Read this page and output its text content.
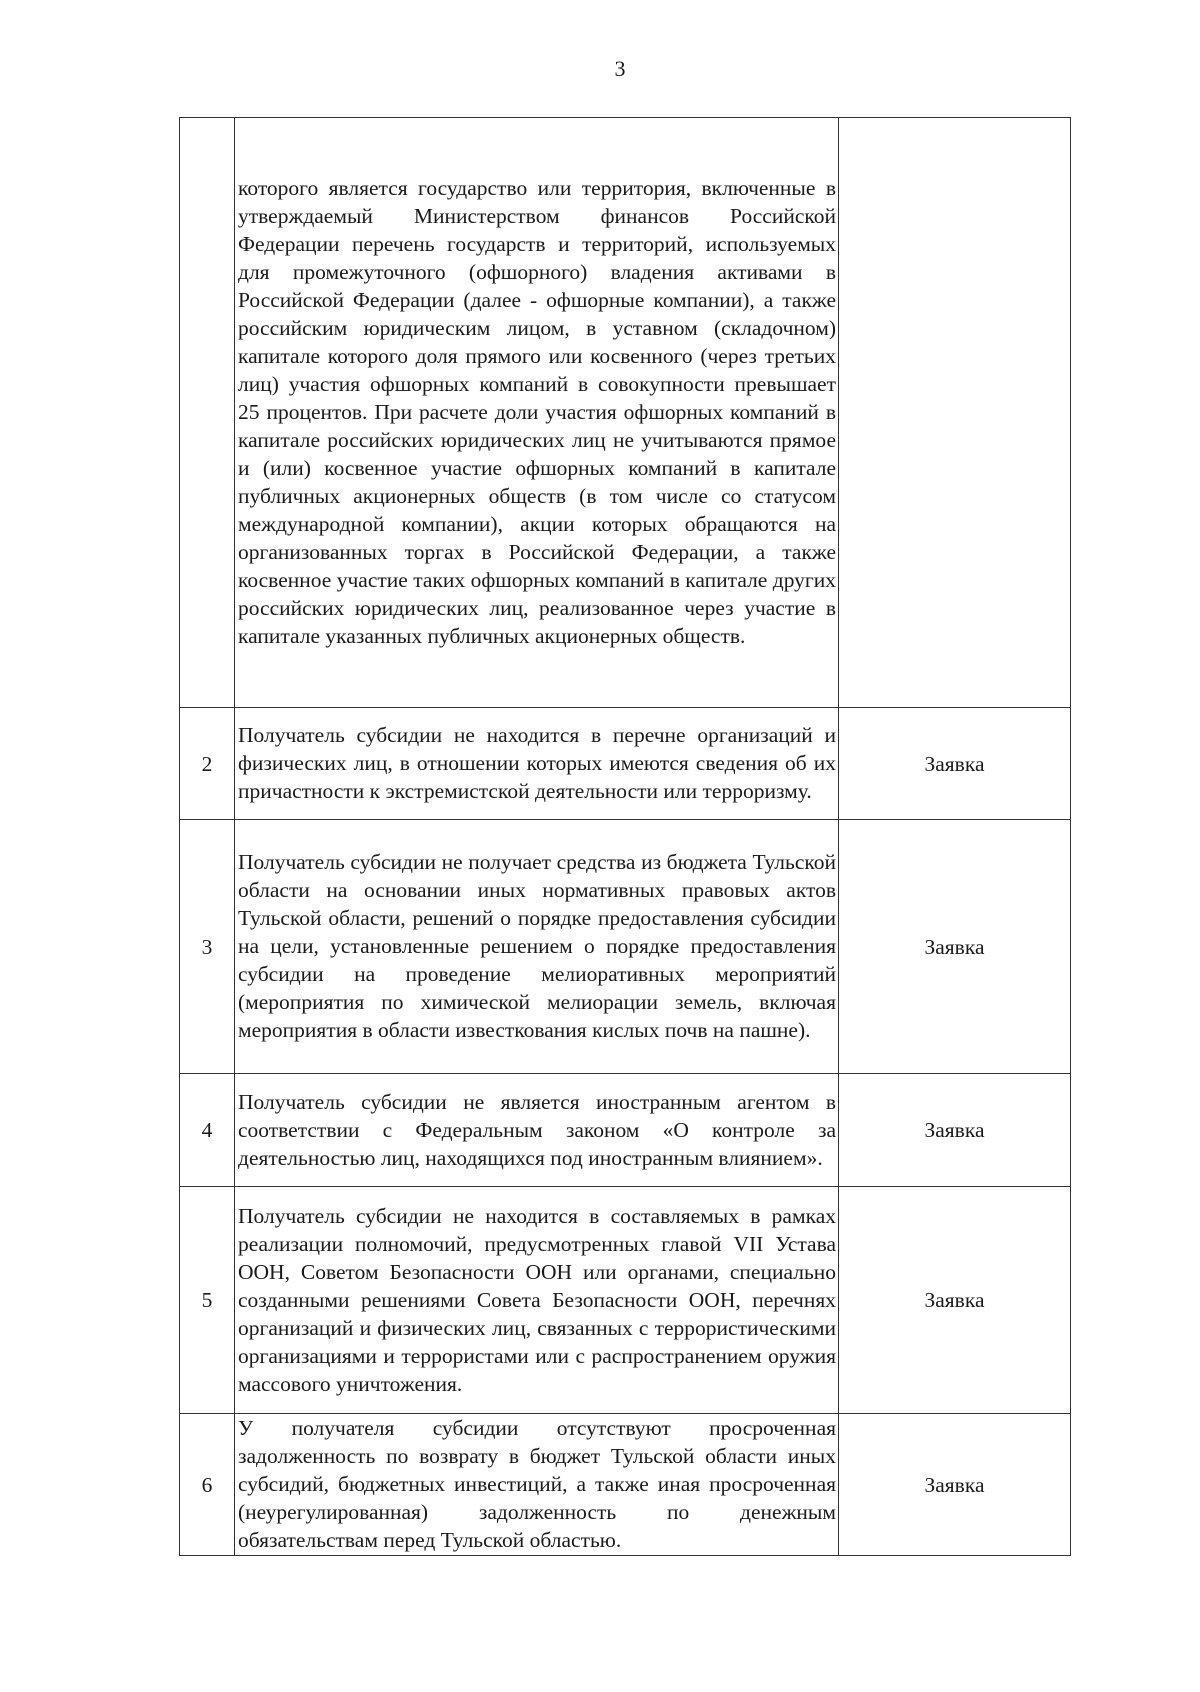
3
	которого является государство или территория, включенные в утверждаемый Министерством финансов Российской Федерации перечень государств и территорий, используемых для промежуточного (офшорного) владения активами в Российской Федерации (далее - офшорные компании), а также российским юридическим лицом, в уставном (складочном) капитале которого доля прямого или косвенного (через третьих лиц) участия офшорных компаний в совокупности превышает 25 процентов. При расчете доли участия офшорных компаний в капитале российских юридических лиц не учитываются прямое и (или) косвенное участие офшорных компаний в капитале публичных акционерных обществ (в том числе со статусом международной компании), акции которых обращаются на организованных торгах в Российской Федерации, а также косвенное участие таких офшорных компаний в капитале других российских юридических лиц, реализованное через участие в капитале указанных публичных акционерных обществ.	
2	Получатель субсидии не находится в перечне организаций и физических лиц, в отношении которых имеются сведения об их причастности к экстремистской деятельности или терроризму.	Заявка
3	Получатель субсидии не получает средства из бюджета Тульской области на основании иных нормативных правовых актов Тульской области, решений о порядке предоставления субсидии на цели, установленные решением о порядке предоставления субсидии на проведение мелиоративных мероприятий (мероприятия по химической мелиорации земель, включая мероприятия в области известкования кислых почв на пашне).	Заявка
4	Получатель субсидии не является иностранным агентом в соответствии с Федеральным законом «О контроле за деятельностью лиц, находящихся под иностранным влиянием».	Заявка
5	Получатель субсидии не находится в составляемых в рамках реализации полномочий, предусмотренных главой VII Устава ООН, Советом Безопасности ООН или органами, специально созданными решениями Совета Безопасности ООН, перечнях организаций и физических лиц, связанных с террористическими организациями и террористами или с распространением оружия массового уничтожения.	Заявка
6	У получателя субсидии отсутствуют просроченная задолженность по возврату в бюджет Тульской области иных субсидий, бюджетных инвестиций, а также иная просроченная (неурегулированная) задолженность по денежным обязательствам перед Тульской областью.	Заявка
